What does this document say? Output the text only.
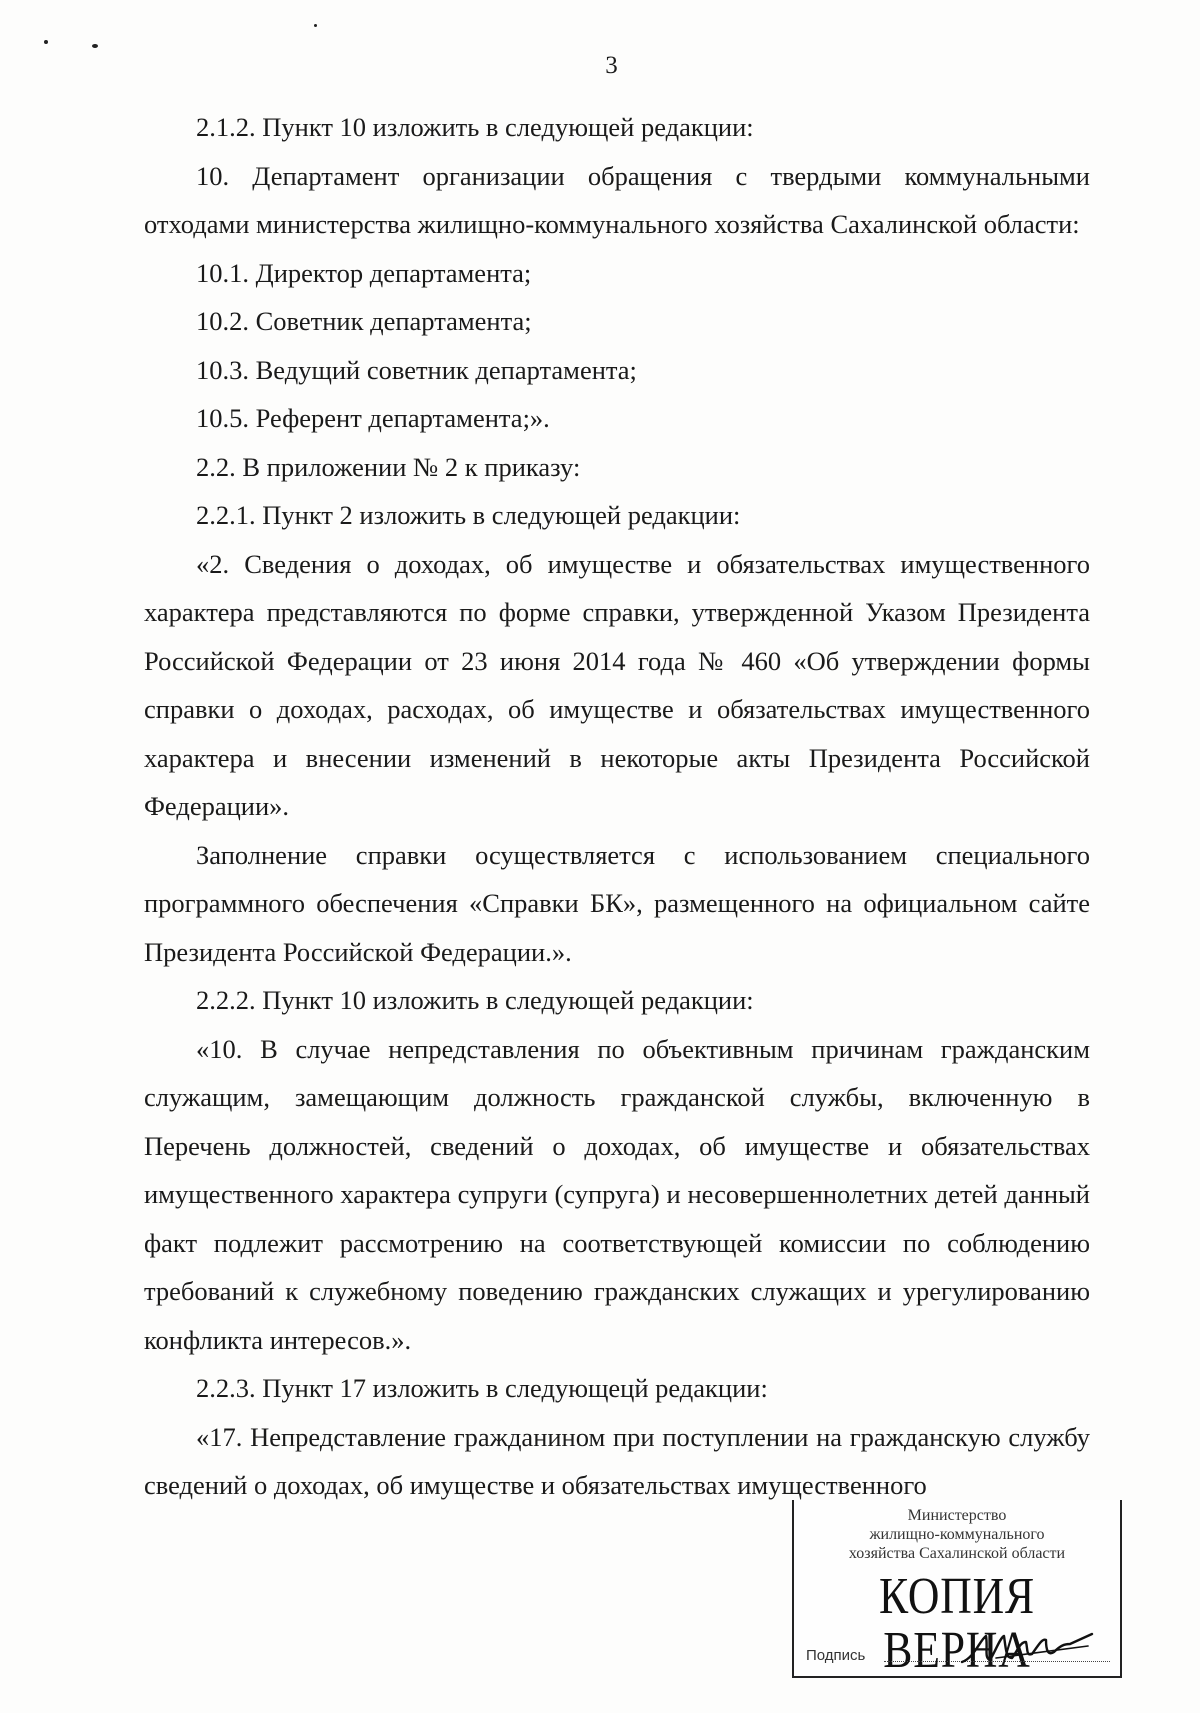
3

2.1.2. Пункт 10 изложить в следующей редакции:

10. Департамент организации обращения с твердыми коммунальными отходами министерства жилищно-коммунального хозяйства Сахалинской области:

10.1. Директор департамента;

10.2. Советник департамента;

10.3. Ведущий советник департамента;

10.5. Референт департамента;».

2.2. В приложении № 2 к приказу:

2.2.1. Пункт 2 изложить в следующей редакции:

«2. Сведения о доходах, об имуществе и обязательствах имущественного характера представляются по форме справки, утвержденной Указом Президента Российской Федерации от 23 июня 2014 года № 460 «Об утверждении формы справки о доходах, расходах, об имуществе и обязательствах имущественного характера и внесении изменений в некоторые акты Президента Российской Федерации».

Заполнение справки осуществляется с использованием специального программного обеспечения «Справки БК», размещенного на официальном сайте Президента Российской Федерации.».

2.2.2. Пункт 10 изложить в следующей редакции:

«10. В случае непредставления по объективным причинам гражданским служащим, замещающим должность гражданской службы, включенную в Перечень должностей, сведений о доходах, об имуществе и обязательствах имущественного характера супруги (супруга) и несовершеннолетних детей данный факт подлежит рассмотрению на соответствующей комиссии по соблюдению требований к служебному поведению гражданских служащих и урегулированию конфликта интересов.».

2.2.3. Пункт 17 изложить в следующецй редакции:

«17. Непредставление гражданином при поступлении на гражданскую службу сведений о доходах, об имуществе и обязательствах имущественного

Министерство
жилищно-коммунального
хозяйства Сахалинской области
КОПИЯ ВЕРНА
Подпись
